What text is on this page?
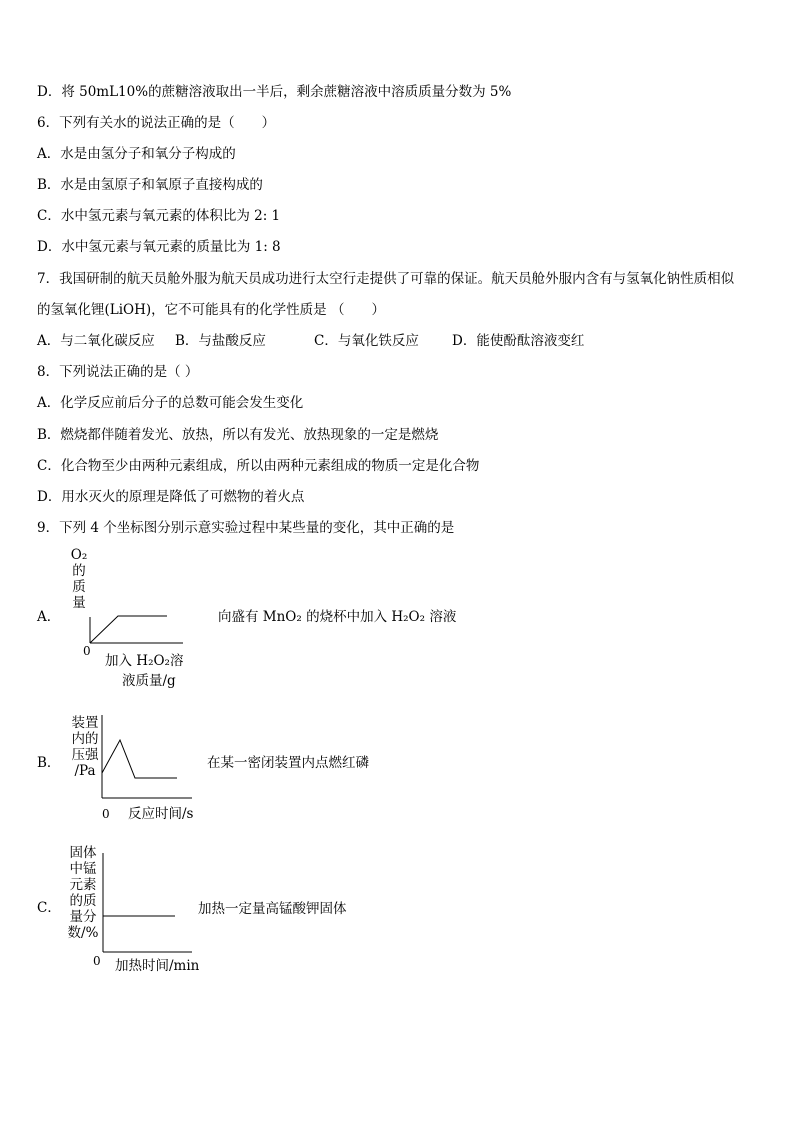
D．将 50mL10%的蔗糖溶液取出一半后，剩余蔗糖溶液中溶质质量分数为 5%
6．下列有关水的说法正确的是（　　）
A．水是由氢分子和氧分子构成的
B．水是由氢原子和氧原子直接构成的
C．水中氢元素与氧元素的体积比为 2: 1
D．水中氢元素与氧元素的质量比为 1: 8
7．我国研制的航天员舱外服为航天员成功进行太空行走提供了可靠的保证。航天员舱外服内含有与氢氧化钠性质相似
的氢氧化锂(LiOH)，它不可能具有的化学性质是 （　　）
A．与二氧化碳反应 B．与盐酸反应	C．与氧化铁反应 D．能使酚酞溶液变红
8．下列说法正确的是（ ）
A．化学反应前后分子的总数可能会发生变化
B．燃烧都伴随着发光、放热，所以有发光、放热现象的一定是燃烧
C．化合物至少由两种元素组成，所以由两种元素组成的物质一定是化合物
D．用水灭火的原理是降低了可燃物的着火点
9．下列 4 个坐标图分别示意实验过程中某些量的变化，其中正确的是
A．
O₂
的
质
量
0
加入 H₂O₂溶
液质量/g
向盛有 MnO₂ 的烧杯中加入 H₂O₂ 溶液
B．
装置
内的
压强
/Pa
0 反应时间/s
在某一密闭装置内点燃红磷
C．
固体
中锰
元素
的质
量分
数/%
0 加热时间/min
加热一定量高锰酸钾固体
